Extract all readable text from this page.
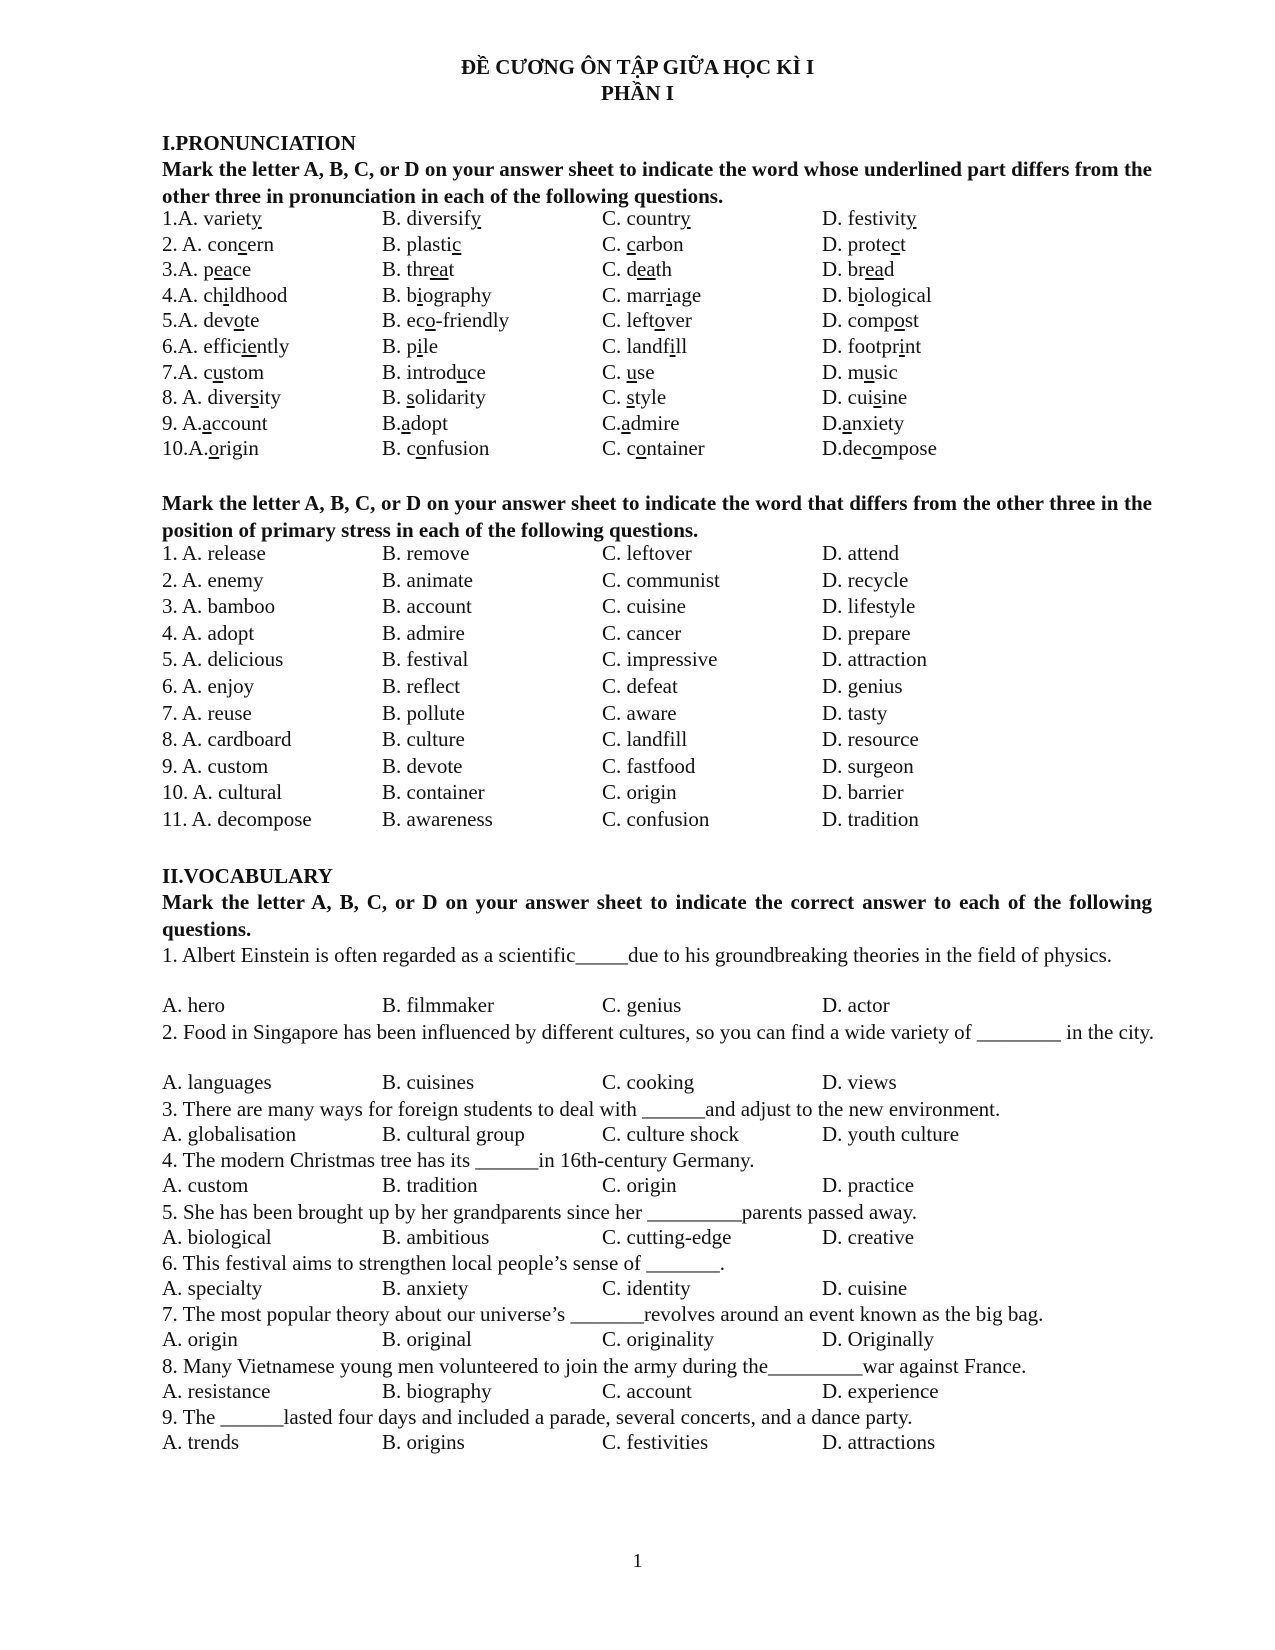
ĐỀ CƯƠNG ÔN TẬP GIỮA HỌC KÌ I
PHẦN I
I.PRONUNCIATION
Mark the letter A, B, C, or D on your answer sheet to indicate the word whose underlined part differs from the other three in pronunciation in each of the following questions.
1.A. variety	B. diversify	C. country	D. festivity
2. A. concern	B. plastic	C. carbon	D. protect
3.A. peace	B. threat	C. death	D. bread
4.A. childhood	B. biography	C. marriage	D. biological
5.A. devote	B. eco-friendly	C. leftover	D. compost
6.A. efficiently	B. pile	C. landfill	D. footprint
7.A. custom	B. introduce	C. use	D. music
8. A. diversity	B. solidarity	C. style	D. cuisine
9. A.account	B.adopt	C.admire	D.anxiety
10.A.origin	B. confusion	C. container	D.decompose
Mark the letter A, B, C, or D on your answer sheet to indicate the word that differs from the other three in the position of primary stress in each of the following questions.
1. A. release	B. remove	C. leftover	D. attend
2. A. enemy	B. animate	C. communist	D. recycle
3. A. bamboo	B. account	C. cuisine	D. lifestyle
4. A. adopt	B. admire	C. cancer	D. prepare
5. A. delicious	B. festival	C. impressive	D. attraction
6. A. enjoy	B. reflect	C. defeat	D. genius
7. A. reuse	B. pollute	C. aware	D. tasty
8. A. cardboard	B. culture	C. landfill	D. resource
9. A. custom	B. devote	C. fastfood	D. surgeon
10. A. cultural	B. container	C. origin	D. barrier
11. A. decompose	B. awareness	C. confusion	D. tradition
II.VOCABULARY
Mark the letter A, B, C, or D on your answer sheet to indicate the correct answer to each of the following questions.
1. Albert Einstein is often regarded as a scientific_____due to his groundbreaking theories in the field of physics.
A. hero	B. filmmaker	C. genius	D. actor
2. Food in Singapore has been influenced by different cultures, so you can find a wide variety of ________ in the city.
A. languages	B. cuisines	C. cooking	D. views
3. There are many ways for foreign students to deal with ______and adjust to the new environment.
A. globalisation	B. cultural group	C. culture shock	D. youth culture
4. The modern Christmas tree has its ______in 16th-century Germany.
A. custom	B. tradition	C. origin	D. practice
5. She has been brought up by her grandparents since her _________parents passed away.
A. biological	B. ambitious	C. cutting-edge	D. creative
6. This festival aims to strengthen local people’s sense of _______.
A. specialty	B. anxiety	C. identity	D. cuisine
7. The most popular theory about our universe’s _______revolves around an event known as the big bag.
A. origin	B. original	C. originality	D. Originally
8. Many Vietnamese young men volunteered to join the army during the_________war against France.
A. resistance	B. biography	C. account	D. experience
9. The ______lasted four days and included a parade, several concerts, and a dance party.
A. trends	B. origins	C. festivities	D. attractions
1
